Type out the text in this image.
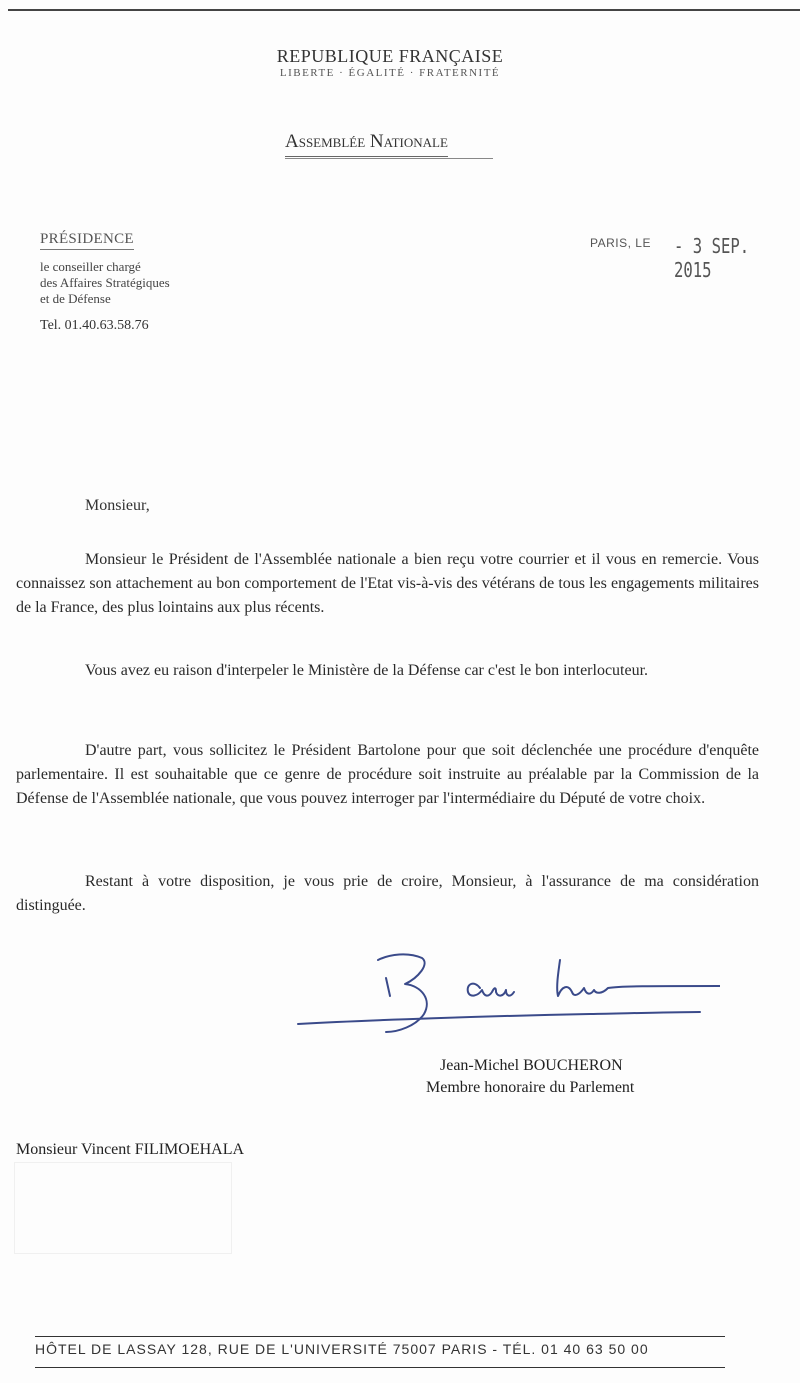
REPUBLIQUE FRANÇAISE
LIBERTE · ÉGALITÉ · FRATERNITÉ
Assemblée Nationale
PRÉSIDENCE
le conseiller chargé
des Affaires Stratégiques
et de Défense
Tel. 01.40.63.58.76
PARIS, LE - 3 SEP. 2015
Monsieur,
Monsieur le Président de l'Assemblée nationale a bien reçu votre courrier et il vous en remercie. Vous connaissez son attachement au bon comportement de l'Etat vis-à-vis des vétérans de tous les engagements militaires de la France, des plus lointains aux plus récents.
Vous avez eu raison d'interpeler le Ministère de la Défense car c'est le bon interlocuteur.
D'autre part, vous sollicitez le Président Bartolone pour que soit déclenchée une procédure d'enquête parlementaire. Il est souhaitable que ce genre de procédure soit instruite au préalable par la Commission de la Défense de l'Assemblée nationale, que vous pouvez interroger par l'intermédiaire du Député de votre choix.
Restant à votre disposition, je vous prie de croire, Monsieur, à l'assurance de ma considération distinguée.
Jean-Michel BOUCHERON
Membre honoraire du Parlement
Monsieur Vincent FILIMOEHALA
HÔTEL DE LASSAY 128, RUE DE L'UNIVERSITÉ 75007 PARIS - TÉL. 01 40 63 50 00
